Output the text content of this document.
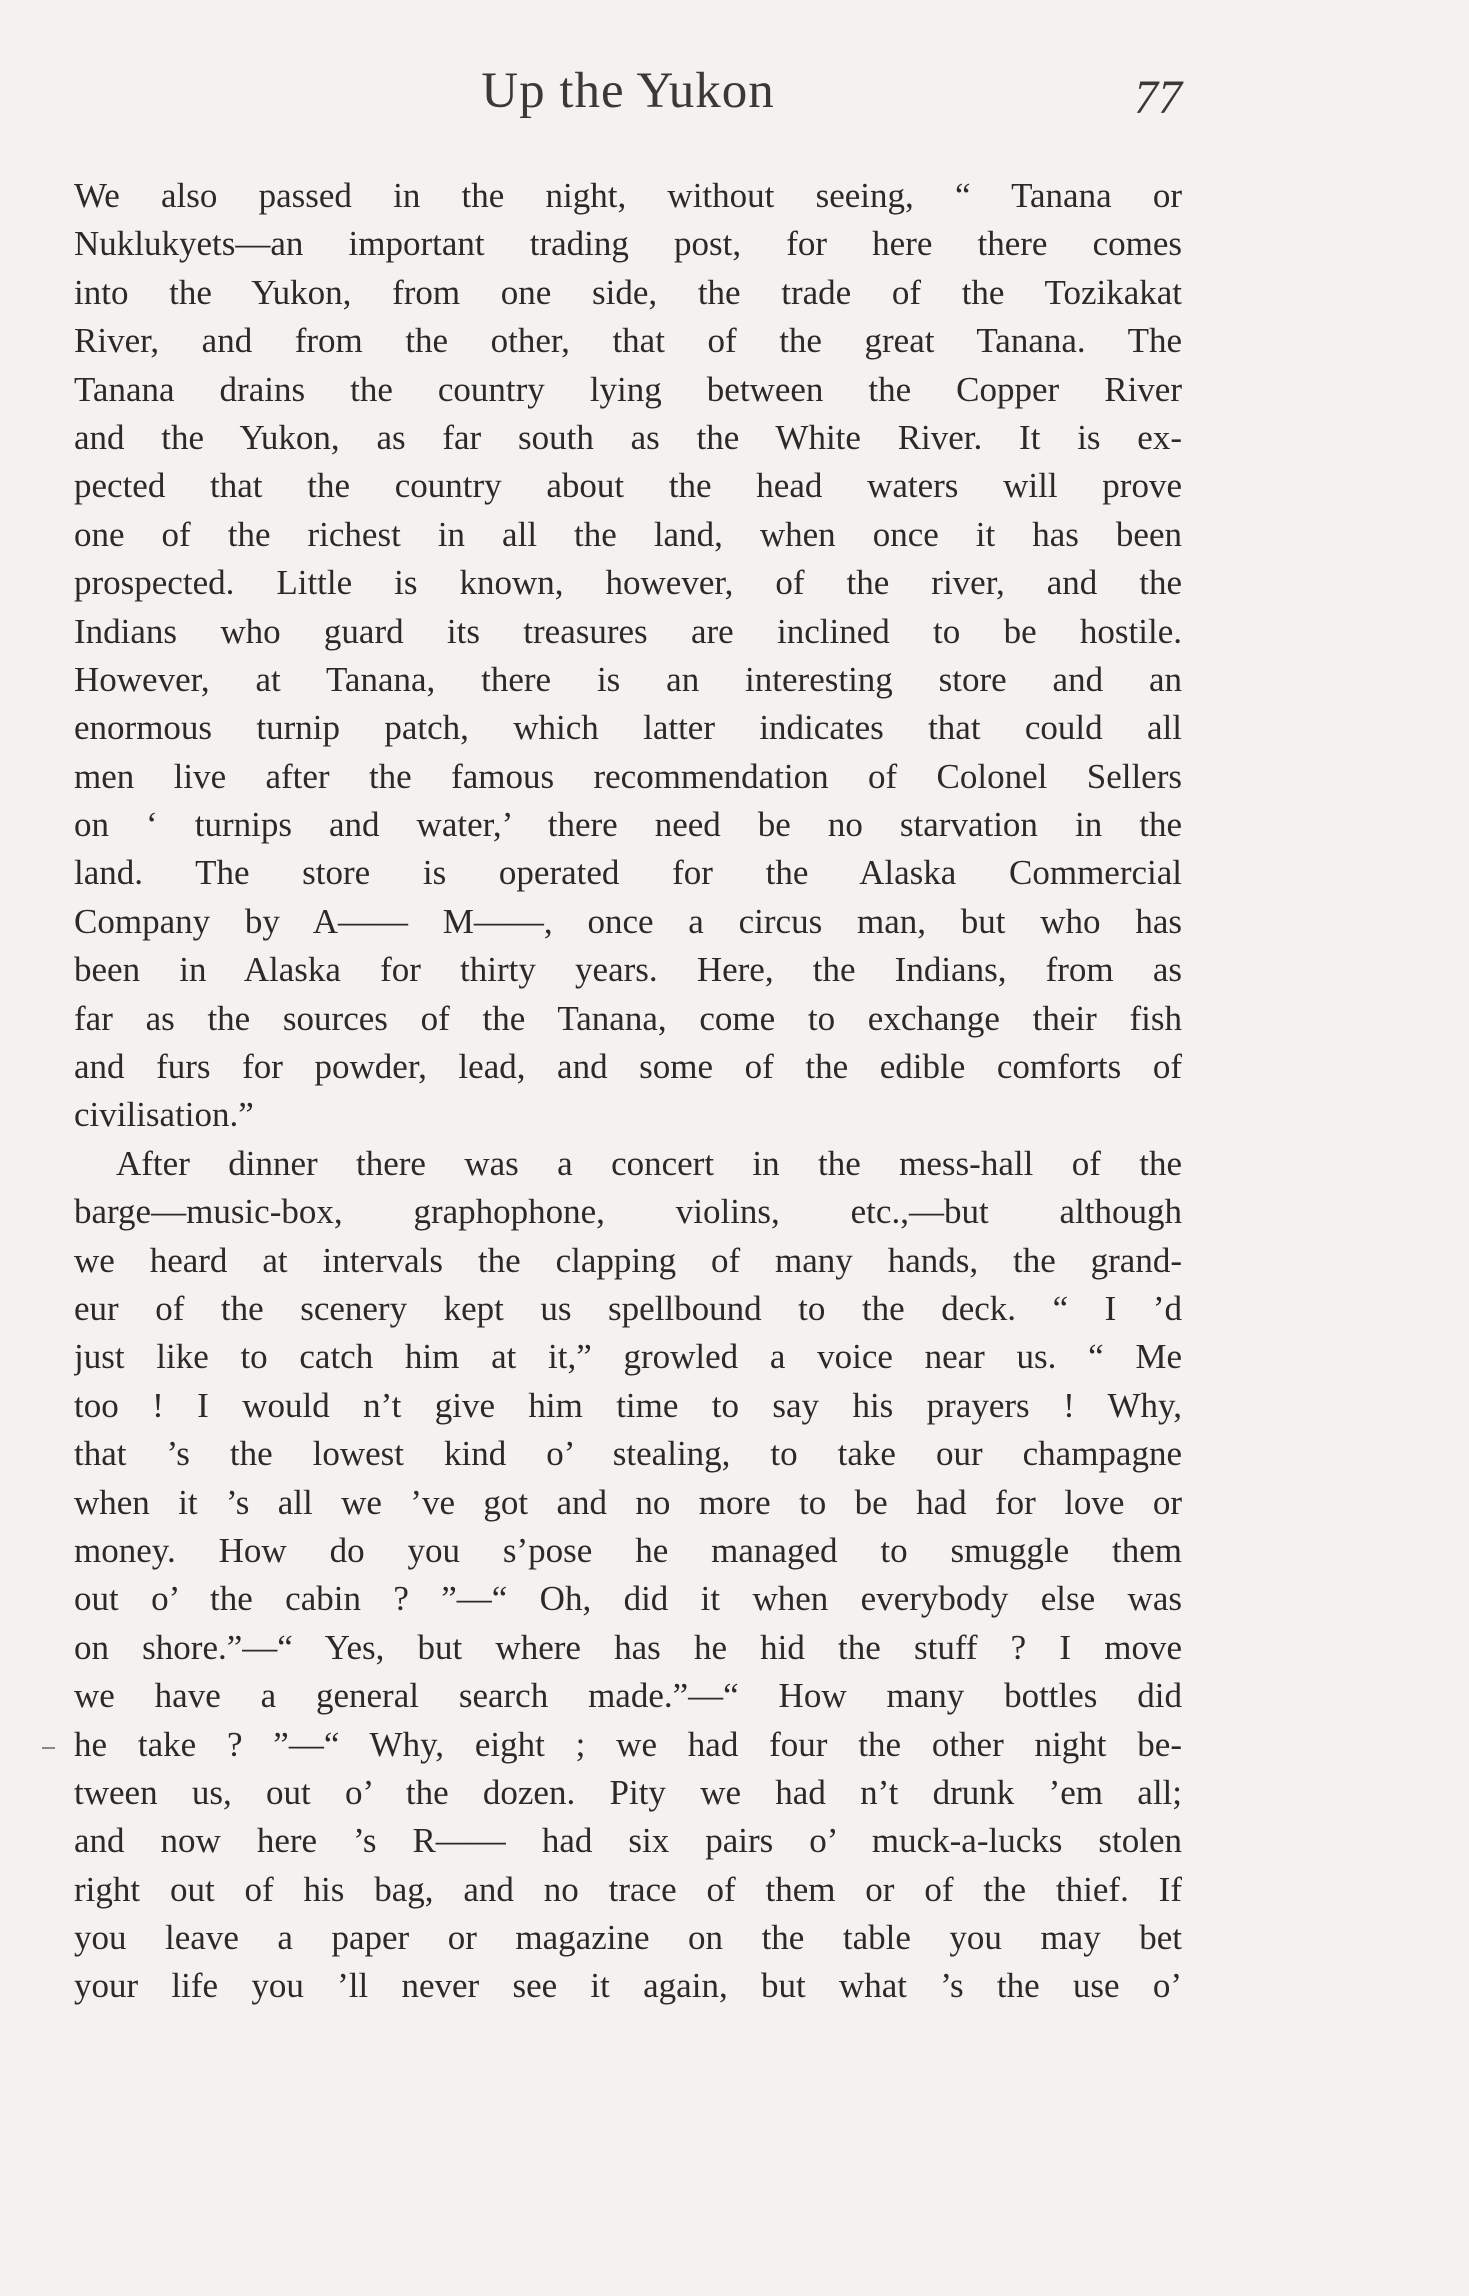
Up the Yukon	77
We also passed in the night, without seeing, “ Tanana or
Nuklukyets—an important trading post, for here there comes
into the Yukon, from one side, the trade of the Tozikakat
River, and from the other, that of the great Tanana. The
Tanana drains the country lying between the Copper River
and the Yukon, as far south as the White River. It is ex-
pected that the country about the head waters will prove
one of the richest in all the land, when once it has been
prospected. Little is known, however, of the river, and the
Indians who guard its treasures are inclined to be hostile.
However, at Tanana, there is an interesting store and an
enormous turnip patch, which latter indicates that could all
men live after the famous recommendation of Colonel Sellers
on ‘ turnips and water,’ there need be no starvation in the
land. The store is operated for the Alaska Commercial
Company by A—— M——, once a circus man, but who has
been in Alaska for thirty years. Here, the Indians, from as
far as the sources of the Tanana, come to exchange their fish
and furs for powder, lead, and some of the edible comforts of
civilisation.”
After dinner there was a concert in the mess-hall of the
barge—music-box, graphophone, violins, etc.,—but although
we heard at intervals the clapping of many hands, the grand-
eur of the scenery kept us spellbound to the deck. “ I ’d
just like to catch him at it,” growled a voice near us. “ Me
too ! I would n’t give him time to say his prayers ! Why,
that ’s the lowest kind o’ stealing, to take our champagne
when it ’s all we ’ve got and no more to be had for love or
money. How do you s’pose he managed to smuggle them
out o’ the cabin ? ”—“ Oh, did it when everybody else was
on shore.”—“ Yes, but where has he hid the stuff ? I move
we have a general search made.”—“ How many bottles did
he take ? ”—“ Why, eight ; we had four the other night be-
tween us, out o’ the dozen. Pity we had n’t drunk ’em all;
and now here ’s R—— had six pairs o’ muck-a-lucks stolen
right out of his bag, and no trace of them or of the thief. If
you leave a paper or magazine on the table you may bet
your life you ’ll never see it again, but what ’s the use o’
